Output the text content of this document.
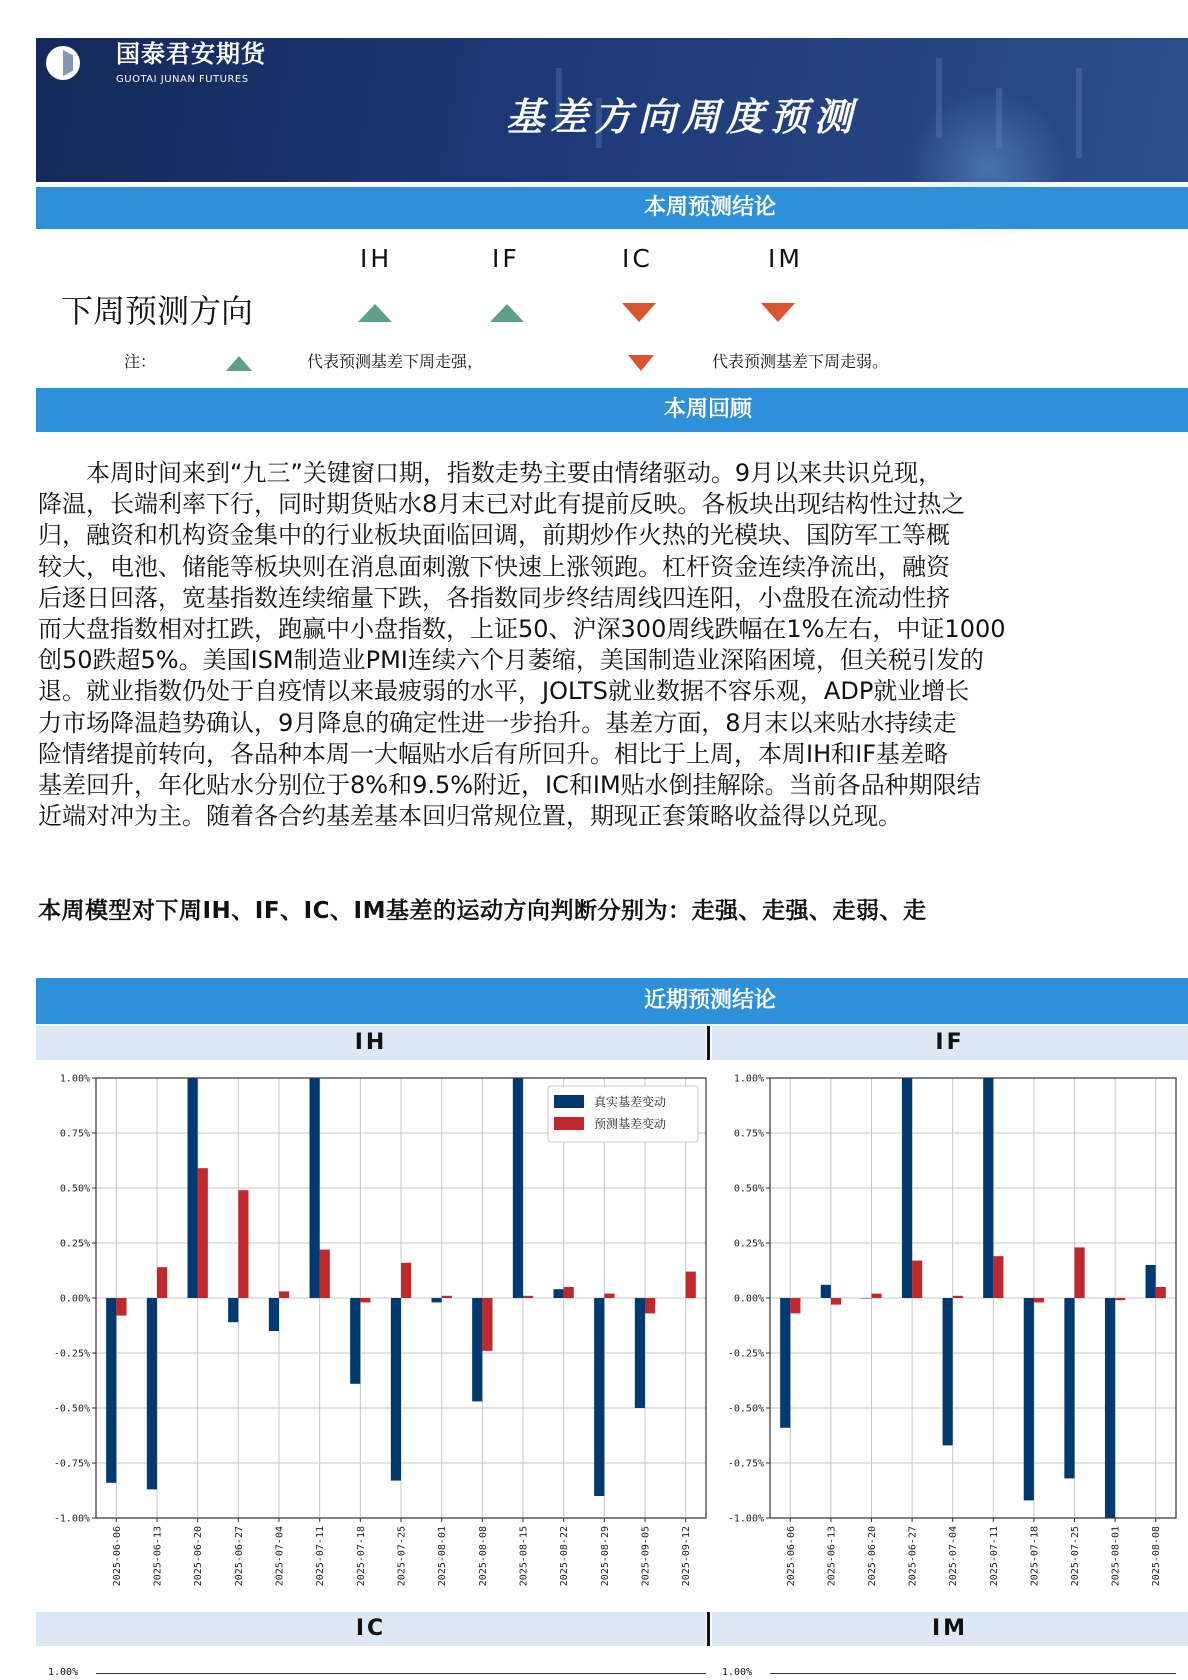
国泰君安期货
GUOTAI JUNAN FUTURES
基差方向周度预测
本周预测结论
IH	IF	IC	IM
下周预测方向
注：	代表预测基差下周走强，	代表预测基差下周走弱。
本周回顾
本周时间来到“九三”关键窗口期，指数走势主要由情绪驱动。9月以来共识兑现，
降温，长端利率下行，同时期货贴水8月末已对此有提前反映。各板块出现结构性过热之
归，融资和机构资金集中的行业板块面临回调，前期炒作火热的光模块、国防军工等概
较大，电池、储能等板块则在消息面刺激下快速上涨领跑。杠杆资金连续净流出，融资
后逐日回落，宽基指数连续缩量下跌，各指数同步终结周线四连阳，小盘股在流动性挤
而大盘指数相对扛跌，跑赢中小盘指数，上证50、沪深300周线跌幅在1%左右，中证1000
创50跌超5%。美国ISM制造业PMI连续六个月萎缩，美国制造业深陷困境，但关税引发的
退。就业指数仍处于自疫情以来最疲弱的水平，JOLTS就业数据不容乐观，ADP就业增长
力市场降温趋势确认，9月降息的确定性进一步抬升。基差方面，8月末以来贴水持续走
险情绪提前转向，各品种本周一大幅贴水后有所回升。相比于上周，本周IH和IF基差略
基差回升，年化贴水分别位于8%和9.5%附近，IC和IM贴水倒挂解除。当前各品种期限结
近端对冲为主。随着各合约基差基本回归常规位置，期现正套策略收益得以兑现。
本周模型对下周IH、IF、IC、IM基差的运动方向判断分别为：走强、走强、走弱、走
近期预测结论
IH	IF
1.00%
0.75%
0.50%
0.25%
0.00%
-0.25%
-0.50%
-0.75%
-1.00%
2025-06-06	2025-06-13	2025-06-20	2025-06-27	2025-07-04	2025-07-11	2025-07-18	2025-07-25	2025-08-01	2025-08-08	2025-08-15	2025-08-22	2025-08-29	2025-09-05	2025-09-12
真实基差变动
预测基差变动
1.00%
0.75%
0.50%
0.25%
0.00%
-0.25%
-0.50%
-0.75%
-1.00%
2025-06-06	2025-06-13	2025-06-20	2025-06-27	2025-07-04	2025-07-11	2025-07-18	2025-07-25	2025-08-01	2025-08-08
IC	IM
1.00%	1.00%
